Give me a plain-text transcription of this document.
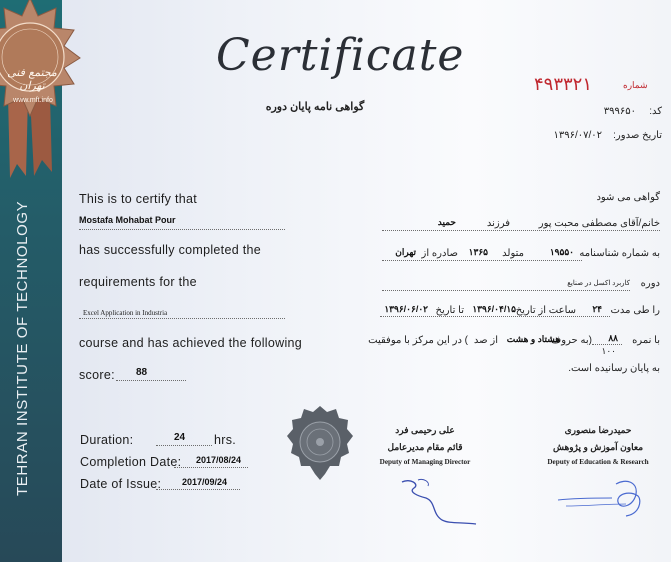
TEHRAN INSTITUTE OF TECHNOLOGY
مجتمع فنی تهران
www.mft.info
Certificate
گواهی نامه پایان دوره
۴۹۳۳۲۱	شماره
۳۹۹۶۵۰	کد:
۱۳۹۶/۰۷/۰۲	تاریخ صدور:
This is to certify that
Mostafa Mohabat Pour
has successfully completed the
requirements for the
Excel Application in Industria
course and has achieved the following
score: 88
Duration:	24 hrs.
Completion Date: 2017/08/24
Date of Issue: 2017/09/24
گواهی می شود
خانم/آقای مصطفی محبت پور
فرزند
حمید
به شماره شناسنامه
۱۹۵۵۰
متولد
۱۳۶۵
صادره از
تهران
دوره
کاربرد اکسل در صنایع
را طی مدت
۲۴
ساعت از تاریخ
۱۳۹۶/۰۴/۱۵
تا تاریخ
۱۳۹۶/۰۶/۰۲
با نمره
۸۸
(به حروف
هشتاد و هشت
از صد
) در این مرکز با موفقیت
۱۰۰
به پایان رسانیده است.
علی رحیمی فرد
قائم مقام مدیرعامل
Deputy of Managing Director
حمیدرضا منصوری
معاون آموزش و پژوهش
Deputy of Education & Research
